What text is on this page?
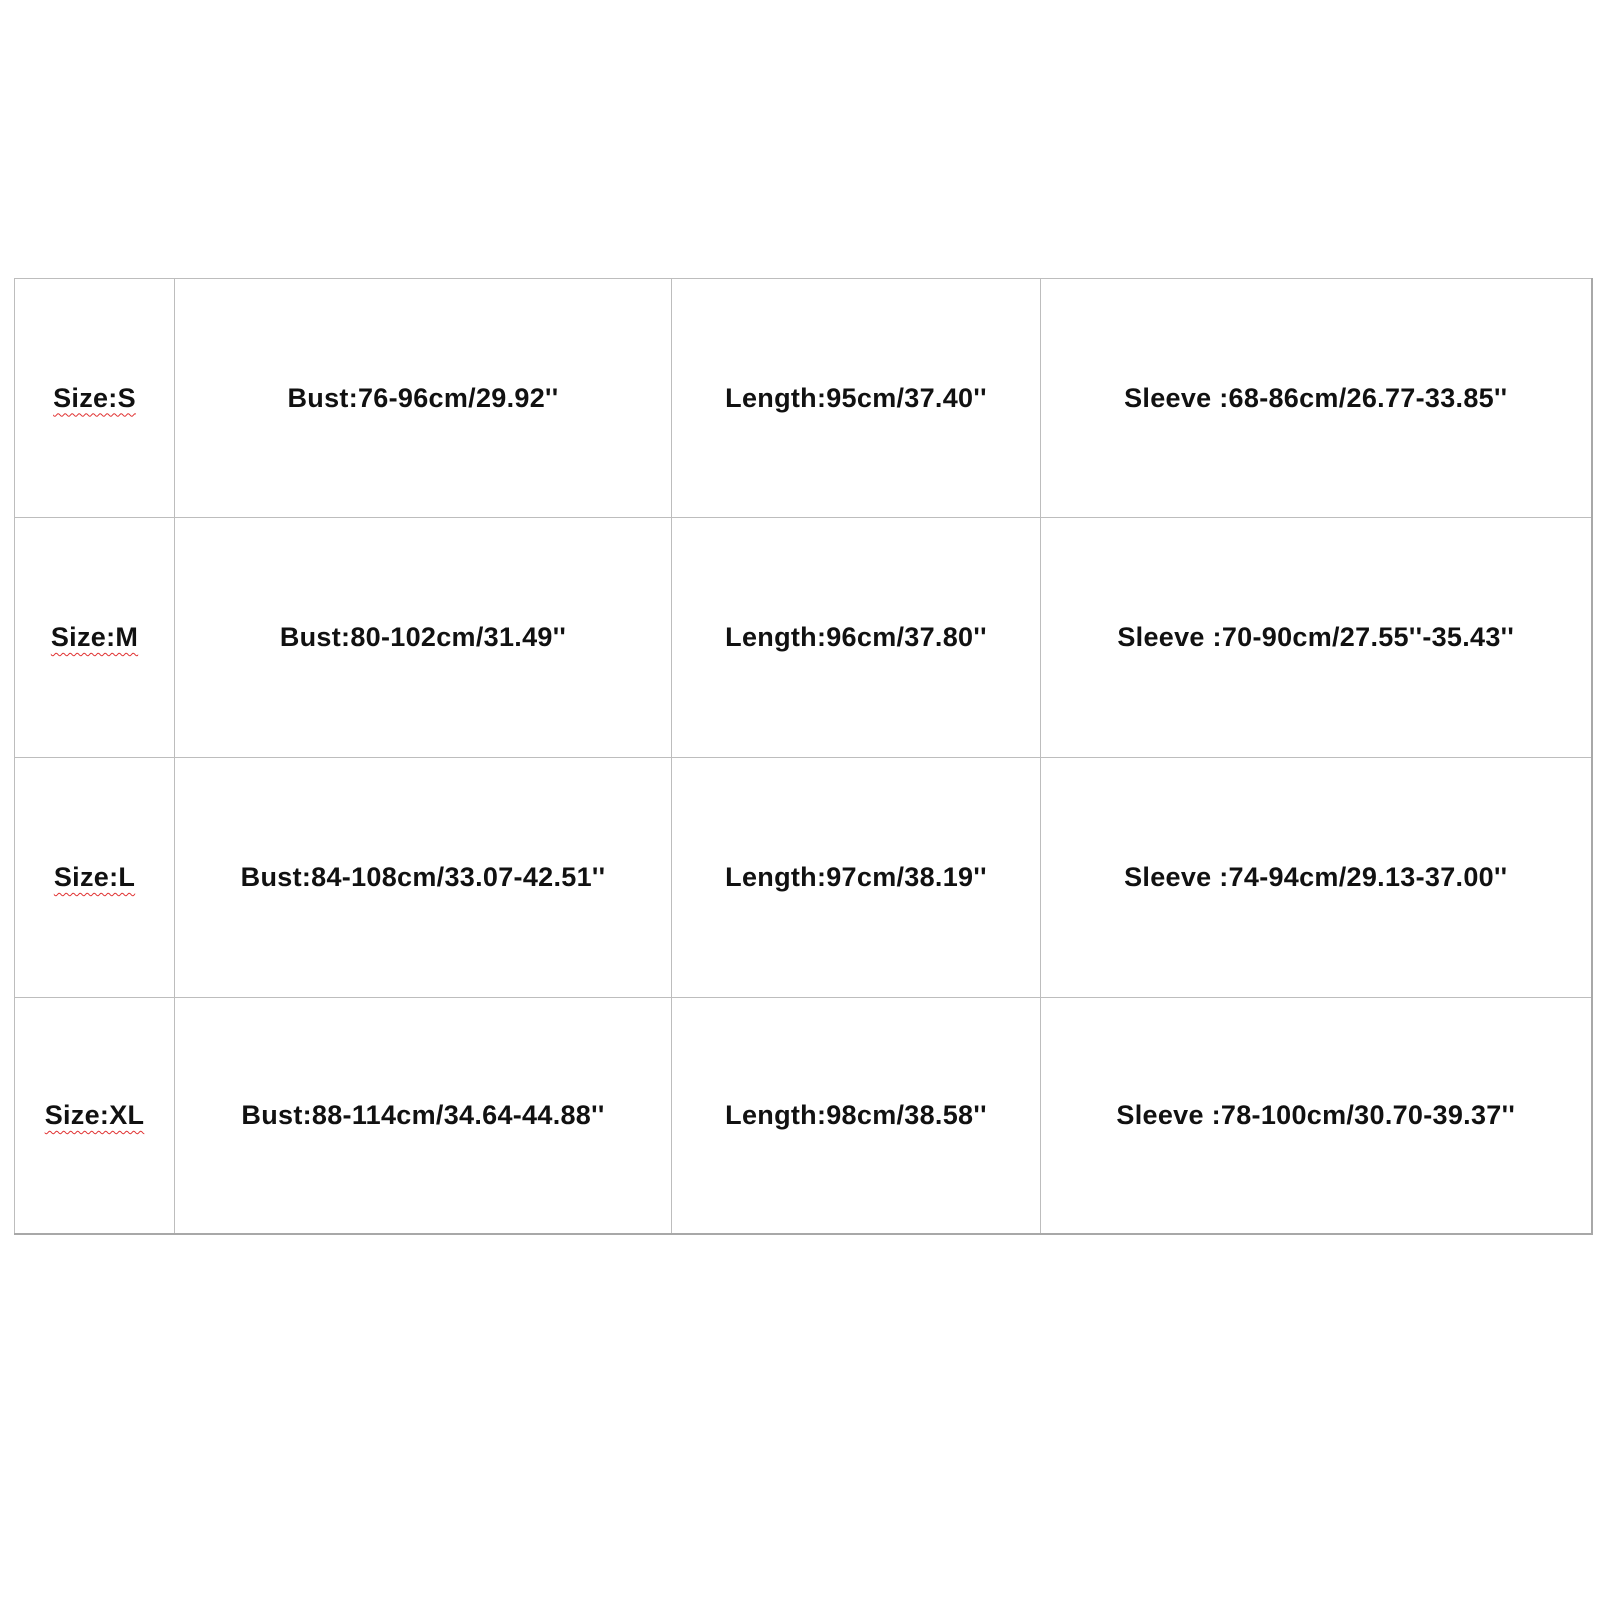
Size:S	Bust:76-96cm/29.92''	Length:95cm/37.40''	Sleeve :68-86cm/26.77-33.85''
Size:M	Bust:80-102cm/31.49''	Length:96cm/37.80''	Sleeve :70-90cm/27.55''-35.43''
Size:L	Bust:84-108cm/33.07-42.51''	Length:97cm/38.19''	Sleeve :74-94cm/29.13-37.00''
Size:XL	Bust:88-114cm/34.64-44.88''	Length:98cm/38.58''	Sleeve :78-100cm/30.70-39.37''
